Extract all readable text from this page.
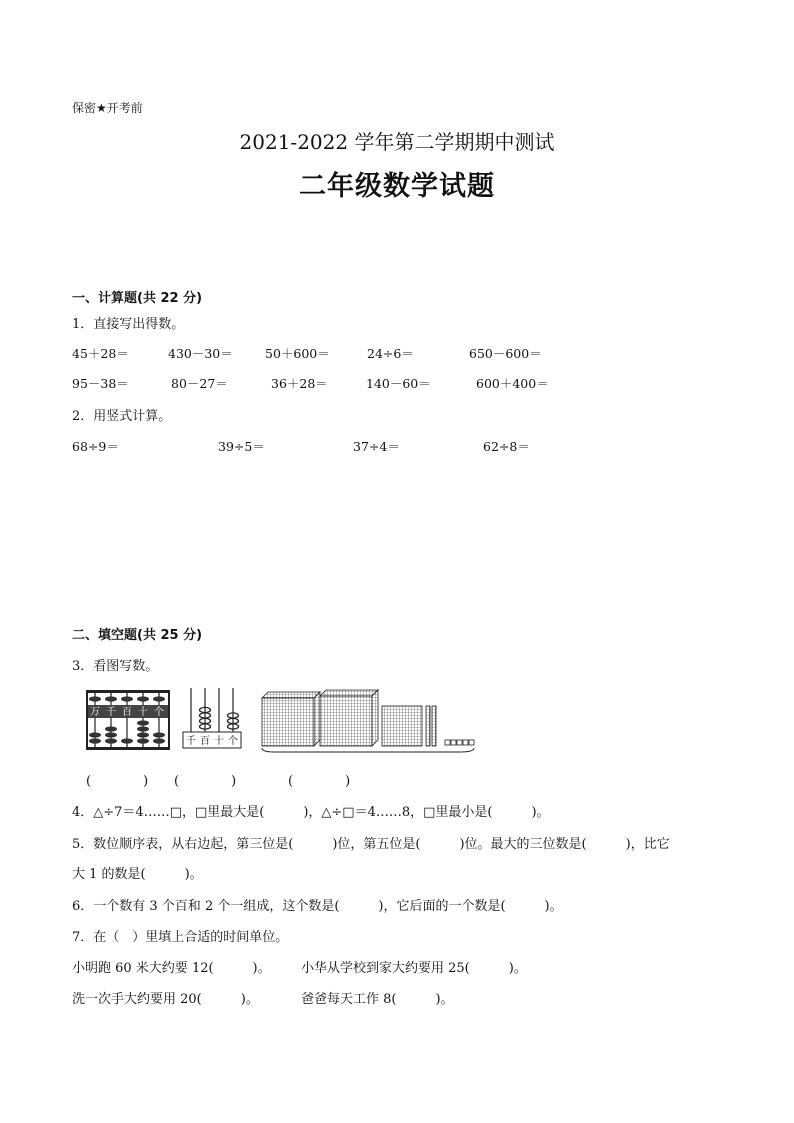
保密★开考前
2021-2022 学年第二学期期中测试
二年级数学试题
一、计算题(共 22 分)
1．直接写出得数。
45＋28＝	430－30＝	50＋600＝	24÷6＝	650－600＝
95－38＝	80－27＝	36＋28＝	140－60＝	600＋400＝
2．用竖式计算。
68÷9＝	39÷5＝	37÷4＝	62÷8＝
二、填空题(共 25 分)
3．看图写数。
万 千 百 十 个
千 百 十 个
(　　　　) (　　　　)	(　　　　)
4．△÷7＝4……□，□里最大是(　　　)，△÷□＝4……8，□里最小是(　　　)。
5．数位顺序表，从右边起，第三位是(　　　)位，第五位是(　　　)位。最大的三位数是(　　　)，比它
大 1 的数是(　　　)。
6．一个数有 3 个百和 2 个一组成，这个数是(　　　)，它后面的一个数是(　　　)。
7．在（　）里填上合适的时间单位。
小明跑 60 米大约要 12(　　　)。 小华从学校到家大约要用 25(　　　)。
洗一次手大约要用 20(　　　)。	爸爸每天工作 8(　　　)。
